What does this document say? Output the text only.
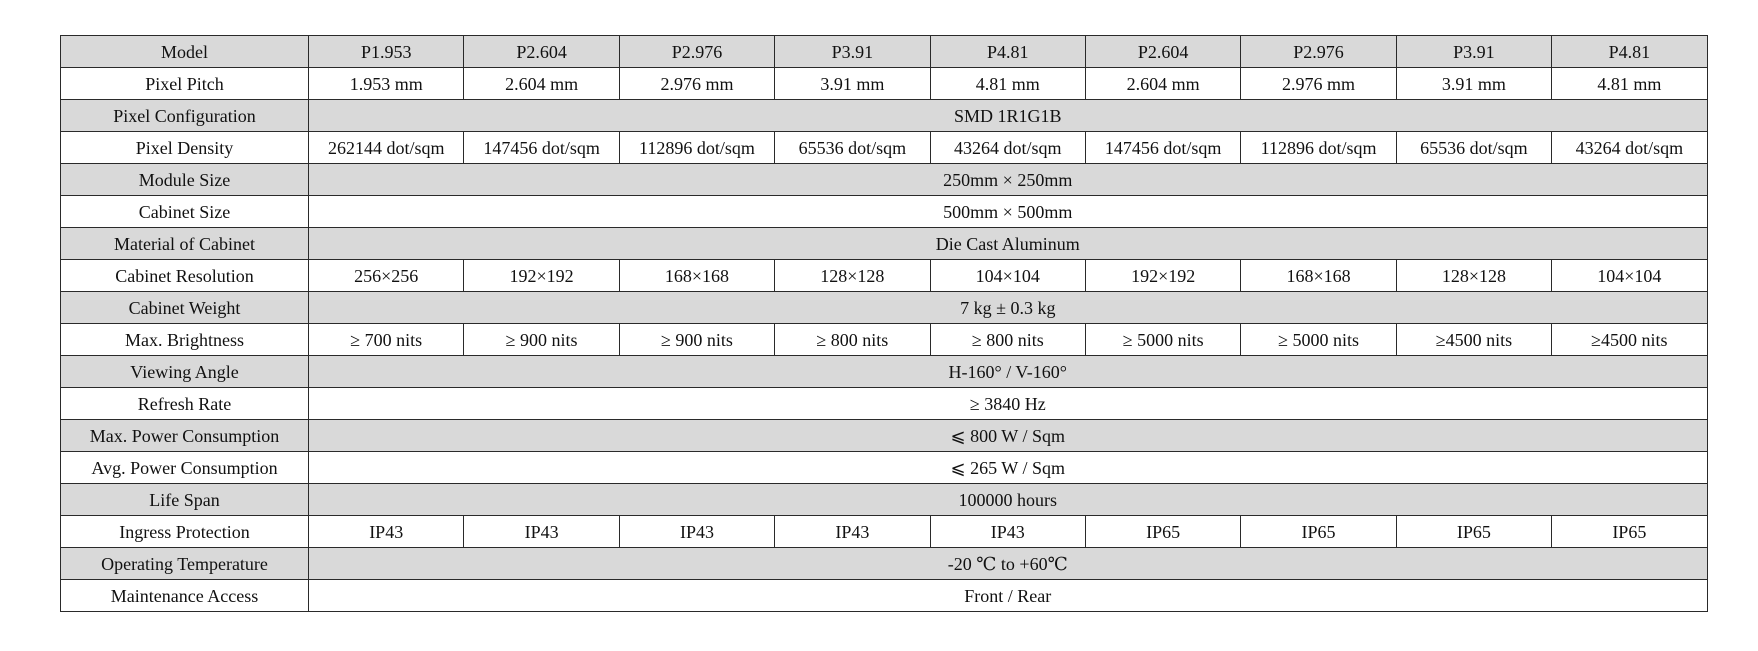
Model	P1.953	P2.604	P2.976	P3.91	P4.81	P2.604	P2.976	P3.91	P4.81
Pixel Pitch	1.953 mm	2.604 mm	2.976 mm	3.91 mm	4.81 mm	2.604 mm	2.976 mm	3.91 mm	4.81 mm
Pixel Configuration	SMD 1R1G1B								
Pixel Density	262144 dot/sqm	147456 dot/sqm	112896 dot/sqm	65536 dot/sqm	43264 dot/sqm	147456 dot/sqm	112896 dot/sqm	65536 dot/sqm	43264 dot/sqm
Module Size	250mm × 250mm								
Cabinet Size	500mm × 500mm								
Material of Cabinet	Die Cast Aluminum								
Cabinet Resolution	256×256	192×192	168×168	128×128	104×104	192×192	168×168	128×128	104×104
Cabinet Weight	7 kg ± 0.3 kg								
Max. Brightness	≥ 700 nits	≥ 900 nits	≥ 900 nits	≥ 800 nits	≥ 800 nits	≥ 5000 nits	≥ 5000 nits	≥4500 nits	≥4500 nits
Viewing Angle	H-160° / V-160°								
Refresh Rate	≥ 3840 Hz								
Max. Power Consumption	⩽ 800 W / Sqm								
Avg. Power Consumption	⩽ 265 W / Sqm								
Life Span	100000 hours								
Ingress Protection	IP43	IP43	IP43	IP43	IP43	IP65	IP65	IP65	IP65
Operating Temperature	-20 ℃ to +60℃								
Maintenance Access	Front / Rear								
